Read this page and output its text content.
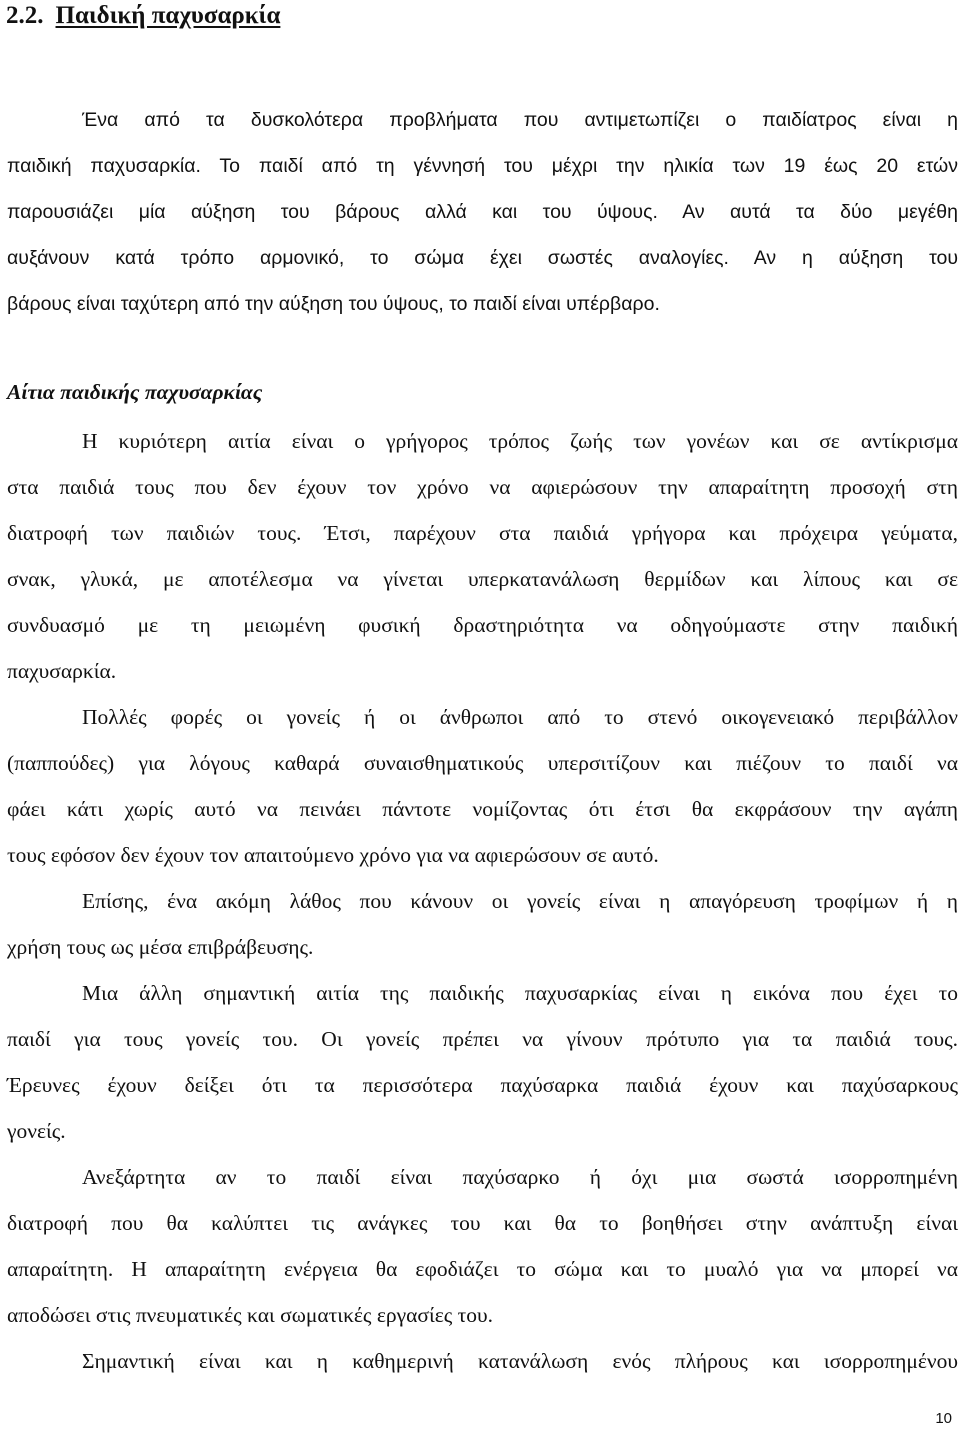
2.2. Παιδική παχυσαρκία

Ένα από τα δυσκολότερα προβλήματα που αντιμετωπίζει ο παιδίατρος είναι η

παιδική παχυσαρκία. Το παιδί από τη γέννησή του μέχρι την ηλικία των 19 έως 20 ετών

παρουσιάζει μία αύξηση του βάρους αλλά και του ύψους. Αν αυτά τα δύο μεγέθη

αυξάνουν κατά τρόπο αρμονικό, το σώμα έχει σωστές αναλογίες. Αν η αύξηση του

βάρους είναι ταχύτερη από την αύξηση του ύψους, το παιδί είναι υπέρβαρο.

Αίτια παιδικής παχυσαρκίας

Η κυριότερη αιτία είναι ο γρήγορος τρόπος ζωής των γονέων και σε αντίκρισμα

στα παιδιά τους που δεν έχουν τον χρόνο να αφιερώσουν την απαραίτητη προσοχή στη

διατροφή των παιδιών τους. Έτσι, παρέχουν στα παιδιά γρήγορα και πρόχειρα γεύματα,

σνακ, γλυκά, με αποτέλεσμα να γίνεται υπερκατανάλωση θερμίδων και λίπους και σε

συνδυασμό με τη μειωμένη φυσική δραστηριότητα να οδηγούμαστε στην παιδική

παχυσαρκία.

Πολλές φορές οι γονείς ή οι άνθρωποι από το στενό οικογενειακό περιβάλλον

(παππούδες) για λόγους καθαρά συναισθηματικούς υπερσιτίζουν και πιέζουν το παιδί να

φάει κάτι χωρίς αυτό να πεινάει πάντοτε νομίζοντας ότι έτσι θα εκφράσουν την αγάπη

τους εφόσον δεν έχουν τον απαιτούμενο χρόνο για να αφιερώσουν σε αυτό.

Επίσης, ένα ακόμη λάθος που κάνουν οι γονείς είναι η απαγόρευση τροφίμων ή η

χρήση τους ως μέσα επιβράβευσης.

Μια άλλη σημαντική αιτία της παιδικής παχυσαρκίας είναι η εικόνα που έχει το

παιδί για τους γονείς του. Οι γονείς πρέπει να γίνουν πρότυπο για τα παιδιά τους.

Έρευνες έχουν δείξει ότι τα περισσότερα παχύσαρκα παιδιά έχουν και παχύσαρκους

γονείς.

Ανεξάρτητα αν το παιδί είναι παχύσαρκο ή όχι μια σωστά ισορροπημένη

διατροφή που θα καλύπτει τις ανάγκες του και θα το βοηθήσει στην ανάπτυξη είναι

απαραίτητη. Η απαραίτητη ενέργεια θα εφοδιάζει το σώμα και το μυαλό για να μπορεί να

αποδώσει στις πνευματικές και σωματικές εργασίες του.

Σημαντική είναι και η καθημερινή κατανάλωση ενός πλήρους και ισορροπημένου

10
